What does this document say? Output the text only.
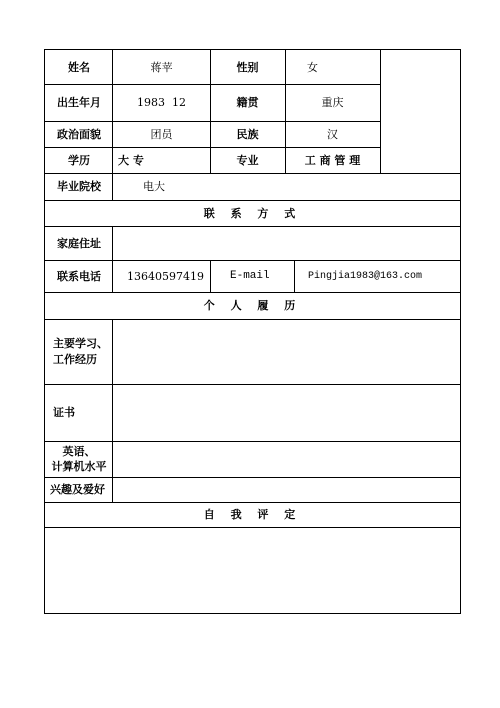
姓名	蒋苹	性别	女
出生年月	1983  12	籍贯	重庆
政治面貌	团员	民族	汉
学历	大 专	专业	工 商 管 理
毕业院校	电大
联 系 方 式
家庭住址
联系电话	13640597419	E-mail	Pingjia1983@163.com
个 人 履 历
主要学习、
工作经历
证书
英语、
计算机水平
兴趣及爱好
自 我 评 定
